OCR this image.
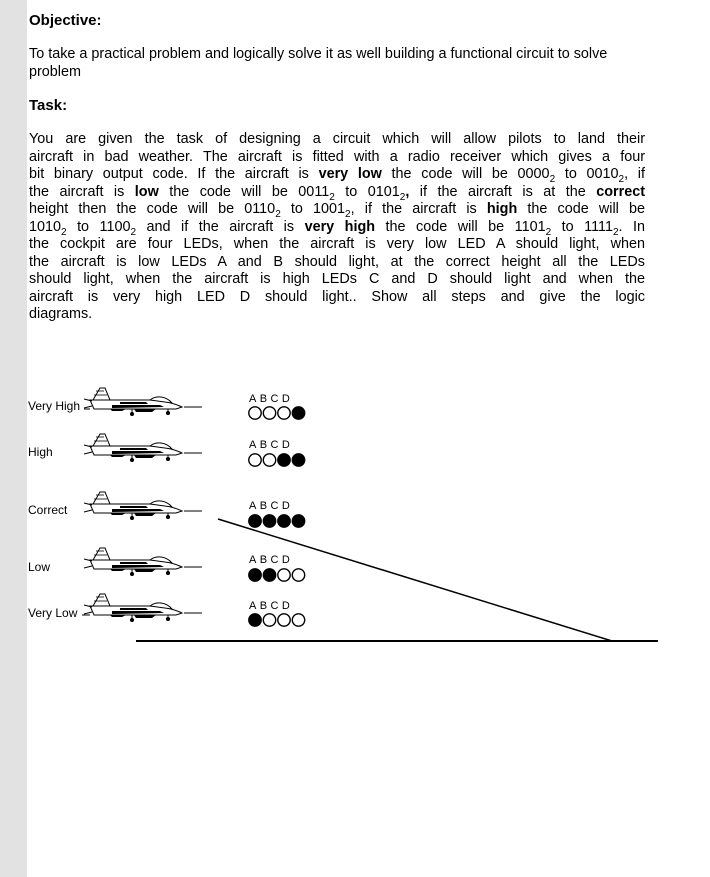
Objective:
To take a practical problem and logically solve it as well building a functional circuit to solve
problem
Task:
You are given the task of designing a circuit which will allow pilots to land their
aircraft in bad weather. The aircraft is fitted with a radio receiver which gives a four
bit binary output code. If the aircraft is very low the code will be $0000_2$ to $0010_2$, if
the aircraft is low the code will be $0011_2$ to $0101_2$, if the aircraft is at the correct
height then the code will be $0110_2$ to $1001_2$, if the aircraft is high the code will be
$1010_2$ to $1100_2$ and if the aircraft is very high the code will be $1101_2$ to $1111_2$. In
the cockpit are four LEDs, when the aircraft is very low LED A should light, when
the aircraft is low LEDs A and B should light, at the correct height all the LEDs
should light, when the aircraft is high LEDs C and D should light and when the
aircraft is very high LED D should light.. Show all steps and give the logic
diagrams.
Very High
High
Correct
Low
Very Low
ABCD
ABCD
ABCD
ABCD
ABCD
